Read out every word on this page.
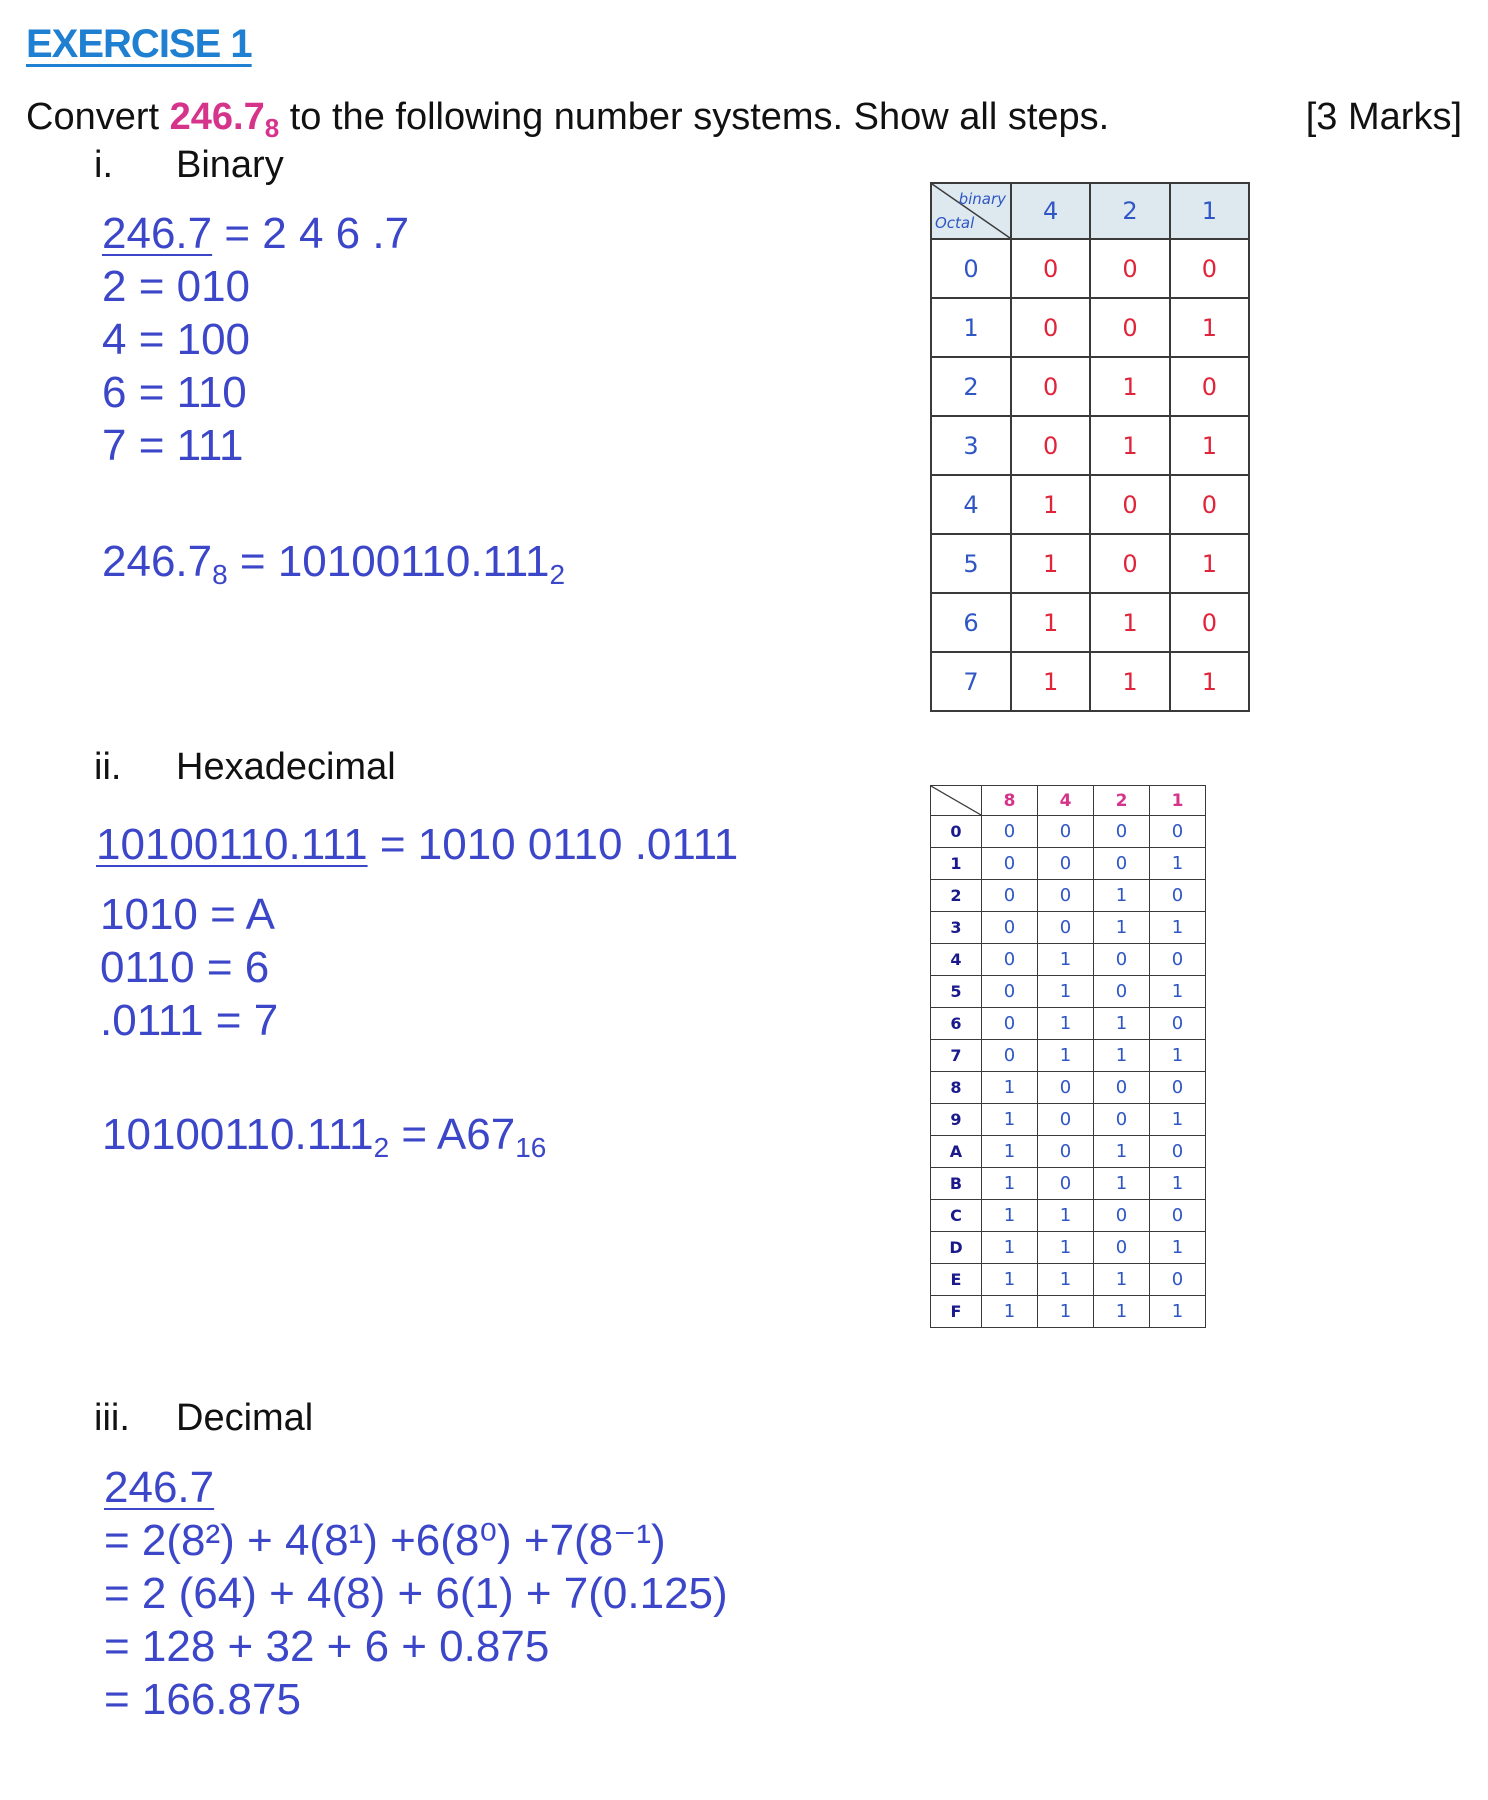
EXERCISE 1
Convert $246.7_8$ to the following number systems. Show all steps.	[3 Marks]
i. Binary
246.7 = 2 4 6 .7
2 = 010
4 = 100
6 = 110
7 = 111
$246.7_8 = 10100110.111_2$
binary
Octal	4	2	1
0	0	0	0
1	0	0	1
2	0	1	0
3	0	1	1
4	1	0	0
5	1	0	1
6	1	1	0
7	1	1	1
ii. Hexadecimal
10100110.111 = 1010 0110 .0111
1010 = A
0110 = 6
.0111 = 7
$10100110.111_2 = A67_{16}$
	8	4	2	1
0	0	0	0	0
1	0	0	0	1
2	0	0	1	0
3	0	0	1	1
4	0	1	0	0
5	0	1	0	1
6	0	1	1	0
7	0	1	1	1
8	1	0	0	0
9	1	0	0	1
A	1	0	1	0
B	1	0	1	1
C	1	1	0	0
D	1	1	0	1
E	1	1	1	0
F	1	1	1	1
iii. Decimal
246.7
= 2(8²) + 4(8¹) +6(8⁰) +7(8⁻¹)
= 2 (64) + 4(8) + 6(1) + 7(0.125)
= 128 + 32 + 6 + 0.875
= 166.875
